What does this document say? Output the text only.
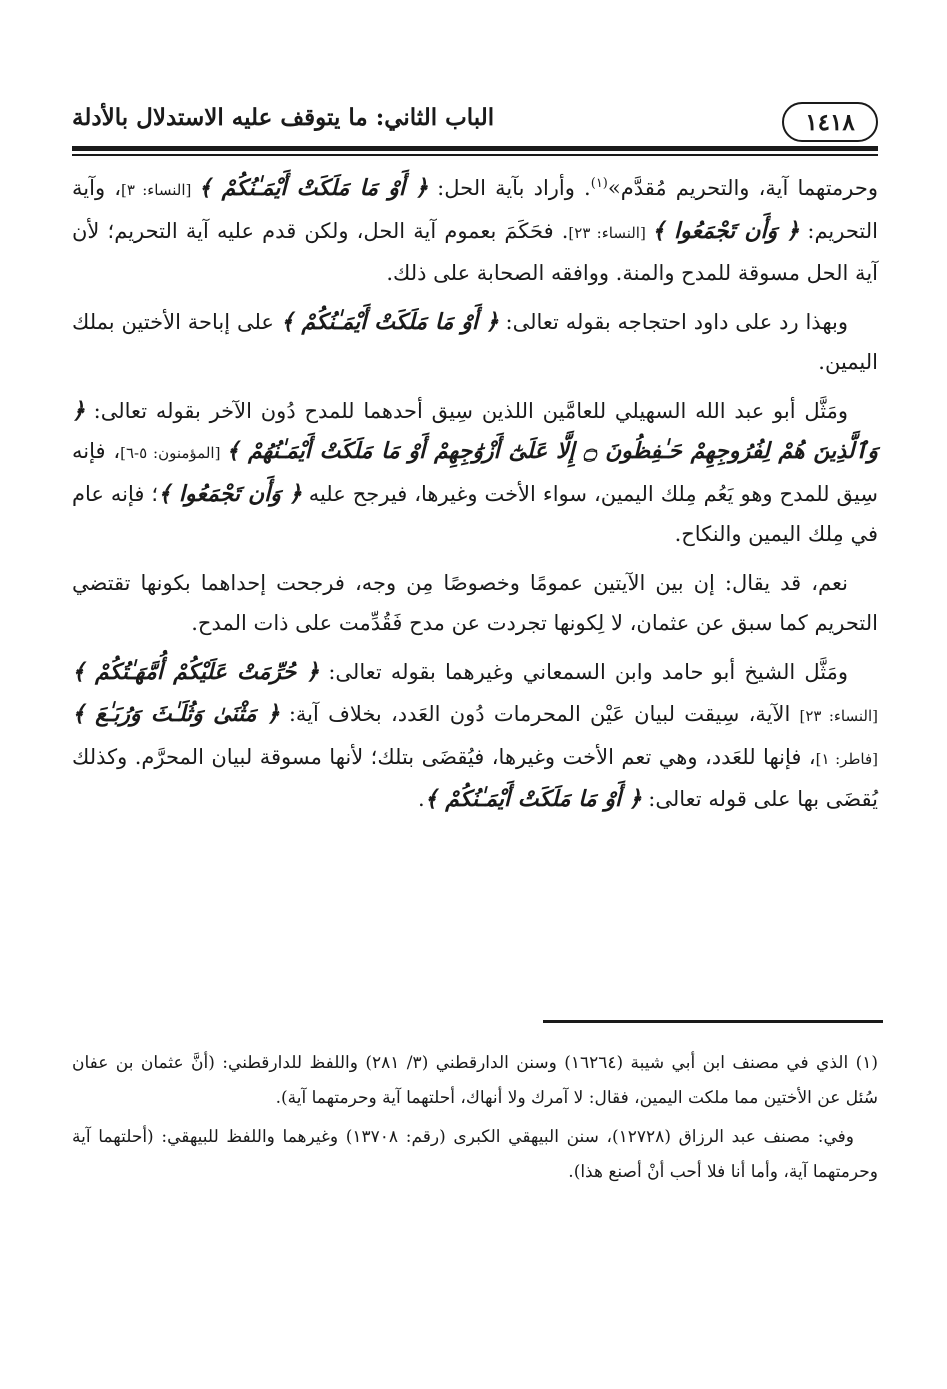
١٤١٨
الباب الثاني: ما يتوقف عليه الاستدلال بالأدلة

وحرمتهما آية، والتحريم مُقدَّم»$^{(١)}$. وأراد بآية الحل: ﴿ أَوْ مَا مَلَكَتْ أَيْمَـٰنُكُمْ ﴾ [النساء: ٣]، وآية التحريم: ﴿ وَأَن تَجْمَعُوا ﴾ [النساء: ٢٣]. فحَكَمَ بعموم آية الحل، ولكن قدم عليه آية التحريم؛ لأن آية الحل مسوقة للمدح والمنة. ووافقه الصحابة على ذلك.

وبهذا رد على داود احتجاجه بقوله تعالى: ﴿ أَوْ مَا مَلَكَتْ أَيْمَـٰنُكُمْ ﴾ على إباحة الأختين بملك اليمين.

ومَثَّل أبو عبد الله السهيلي للعامَّين اللذين سِيق أحدهما للمدح دُون الآخر بقوله تعالى: ﴿ وَٱلَّذِينَ هُمْ لِفُرُوجِهِمْ حَـٰفِظُونَ ۝ إِلَّا عَلَىٰٓ أَزْوَٰجِهِمْ أَوْ مَا مَلَكَتْ أَيْمَـٰنُهُمْ ﴾ [المؤمنون: ٥-٦]، فإنه سِيق للمدح وهو يَعُم مِلك اليمين، سواء الأخت وغيرها، فيرجح عليه ﴿ وَأَن تَجْمَعُوا ﴾؛ فإنه عام في مِلك اليمين والنكاح.

نعم، قد يقال: إن بين الآيتين عمومًا وخصوصًا مِن وجه، فرجحت إحداهما بكونها تقتضي التحريم كما سبق عن عثمان، لا لِكونها تجردت عن مدح فَقُدِّمت على ذات المدح.

ومَثَّل الشيخ أبو حامد وابن السمعاني وغيرهما بقوله تعالى: ﴿ حُرِّمَتْ عَلَيْكُمْ أُمَّهَـٰتُكُمْ ﴾ [النساء: ٢٣] الآية، سِيقت لبيان عَيْن المحرمات دُون العَدد، بخلاف آية: ﴿ مَثْنَىٰ وَثُلَـٰثَ وَرُبَـٰعَ ﴾ [فاطر: ١]، فإنها للعَدد، وهي تعم الأخت وغيرها، فيُقضَى بتلك؛ لأنها مسوقة لبيان المحرَّم. وكذلك يُقضَى بها على قوله تعالى: ﴿ أَوْ مَا مَلَكَتْ أَيْمَـٰنُكُمْ ﴾.

(١) الذي في مصنف ابن أبي شيبة (١٦٢٦٤) وسنن الدارقطني (٣/ ٢٨١) واللفظ للدارقطني: (أنَّ عثمان بن عفان سُئل عن الأختين مما ملكت اليمين، فقال: لا آمرك ولا أنهاك، أحلتهما آية وحرمتهما آية).

وفي: مصنف عبد الرزاق (١٢٧٢٨)، سنن البيهقي الكبرى (رقم: ١٣٧٠٨) وغيرهما واللفظ للبيهقي: (أحلتهما آية وحرمتهما آية، وأما أنا فلا أحب أنْ أصنع هذا).
